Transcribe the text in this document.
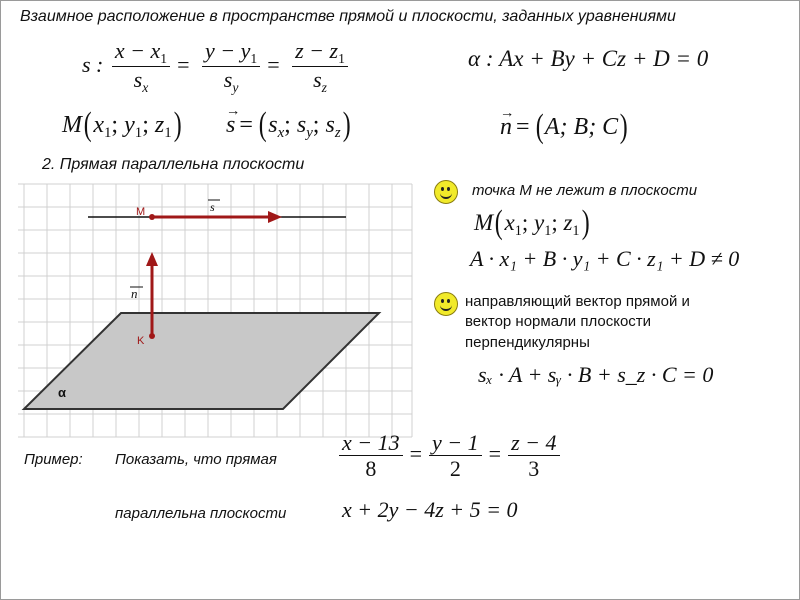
Взаимное расположение в пространстве прямой и плоскости, заданных уравнениями
s : $\frac{x - x_1}{s_x} = \frac{y - y_1}{s_y} = \frac{z - z_1}{s_z}$	α : Ax + By + Cz + D = 0
$M(x_1$; $y_1$; $z_1$)
→ $s = (s_x$; $s_y$; $s_z$)
→	n = (A; B; C)
2. Прямая параллельна плоскости
M
K
s
n
α
точка М не лежит в плоскости
$M(x_1$; $y_1$; $z_1$)
A · x₁ + B · y₁ + C · z₁ + D ≠ 0
направляющий вектор прямой и
вектор нормали плоскости
перпендикулярны
sₓ · A + sᵧ · B + s_z · C = 0
Пример: Показать, что прямая
параллельна плоскости
$\frac{x - 13}{8} = \frac{y - 1}{2} = \frac{z - 4}{3}$
x + 2y − 4z + 5 = 0
